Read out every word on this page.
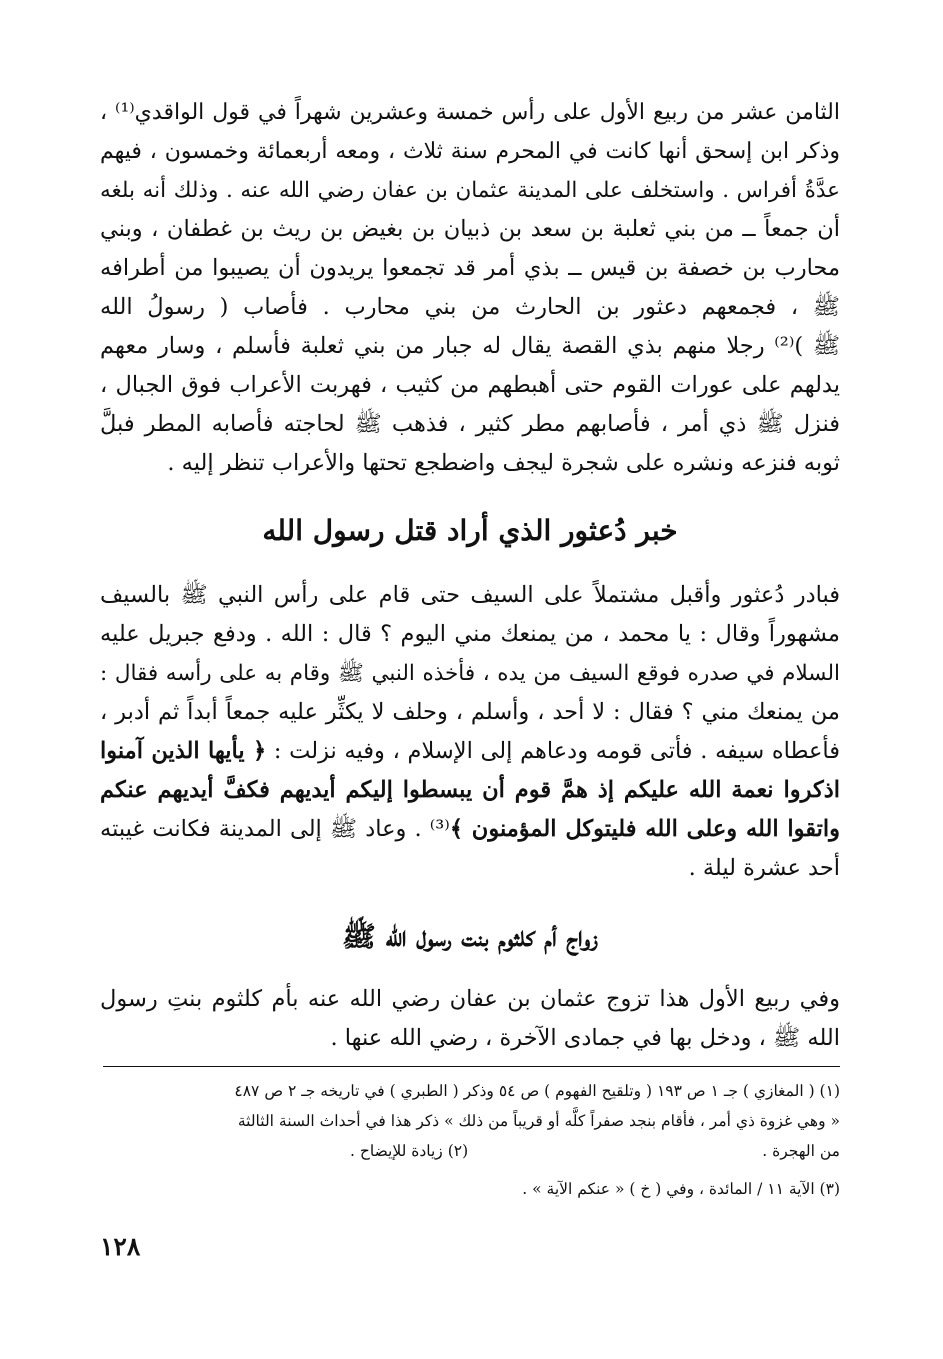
الثامن عشر من ربيع الأول على رأس خمسة وعشرين شهراً في قول الواقدي⁽¹⁾ ،
وذكر ابن إسحق أنها كانت في المحرم سنة ثلاث ، ومعه أربعمائة وخمسون ، فيهم
عدَّةُ أفراس . واستخلف على المدينة عثمان بن عفان رضي الله عنه . وذلك أنه بلغه
أن جمعاً ــ من بني ثعلبة بن سعد بن ذبيان بن بغيض بن ريث بن غطفان ، وبني
محارب بن خصفة بن قيس ــ بذي أمر قد تجمعوا يريدون أن يصيبوا من أطرافه
ﷺ ، فجمعهم دعثور بن الحارث من بني محارب . فأصاب ( رسولُ الله
ﷺ )⁽²⁾ رجلا منهم بذي القصة يقال له جبار من بني ثعلبة فأسلم ، وسار معهم
يدلهم على عورات القوم حتى أهبطهم من كثيب ، فهربت الأعراب فوق الجبال ،
فنزل ﷺ ذي أمر ، فأصابهم مطر كثير ، فذهب ﷺ لحاجته فأصابه المطر فبلَّ
ثوبه فنزعه ونشره على شجرة ليجف واضطجع تحتها والأعراب تنظر إليه .
خبر دُعثور الذي أراد قتل رسول الله
فبادر دُعثور وأقبل مشتملاً على السيف حتى قام على رأس النبي ﷺ بالسيف
مشهوراً وقال : يا محمد ، من يمنعك مني اليوم ؟ قال : الله . ودفع جبريل عليه
السلام في صدره فوقع السيف من يده ، فأخذه النبي ﷺ وقام به على رأسه فقال :
من يمنعك مني ؟ فقال : لا أحد ، وأسلم ، وحلف لا يكثِّر عليه جمعاً أبداً ثم أدبر ،
فأعطاه سيفه . فأتى قومه ودعاهم إلى الإسلام ، وفيه نزلت : ﴿ يأيها الذين آمنوا
اذكروا نعمة الله عليكم إذ همَّ قوم أن يبسطوا إليكم أيديهم فكفَّ أيديهم عنكم
واتقوا الله وعلى الله فليتوكل المؤمنون ﴾⁽³⁾ . وعاد ﷺ إلى المدينة فكانت غيبته
أحد عشرة ليلة .
زواج أم كلثوم بنت رسول الله ﷺ
وفي ربيع الأول هذا تزوج عثمان بن عفان رضي الله عنه بأم كلثوم بنتِ رسول
الله ﷺ ، ودخل بها في جمادى الآخرة ، رضي الله عنها .
(١) ( المغازي ) جـ ١ ص ١٩٣ ( وتلقيح الفهوم ) ص ٥٤ وذكر ( الطبري ) في تاريخه جـ ٢ ص ٤٨٧
« وهي غزوة ذي أمر ، فأقام بنجد صفراً كلَّه أو قريباً من ذلك » ذكر هذا في أحداث السنة الثالثة
من الهجرة .
(٢) زيادة للإيضاح .
(٣) الآية ١١ / المائدة ، وفي ( خ ) « عنكم الآية » .
١٢٨
